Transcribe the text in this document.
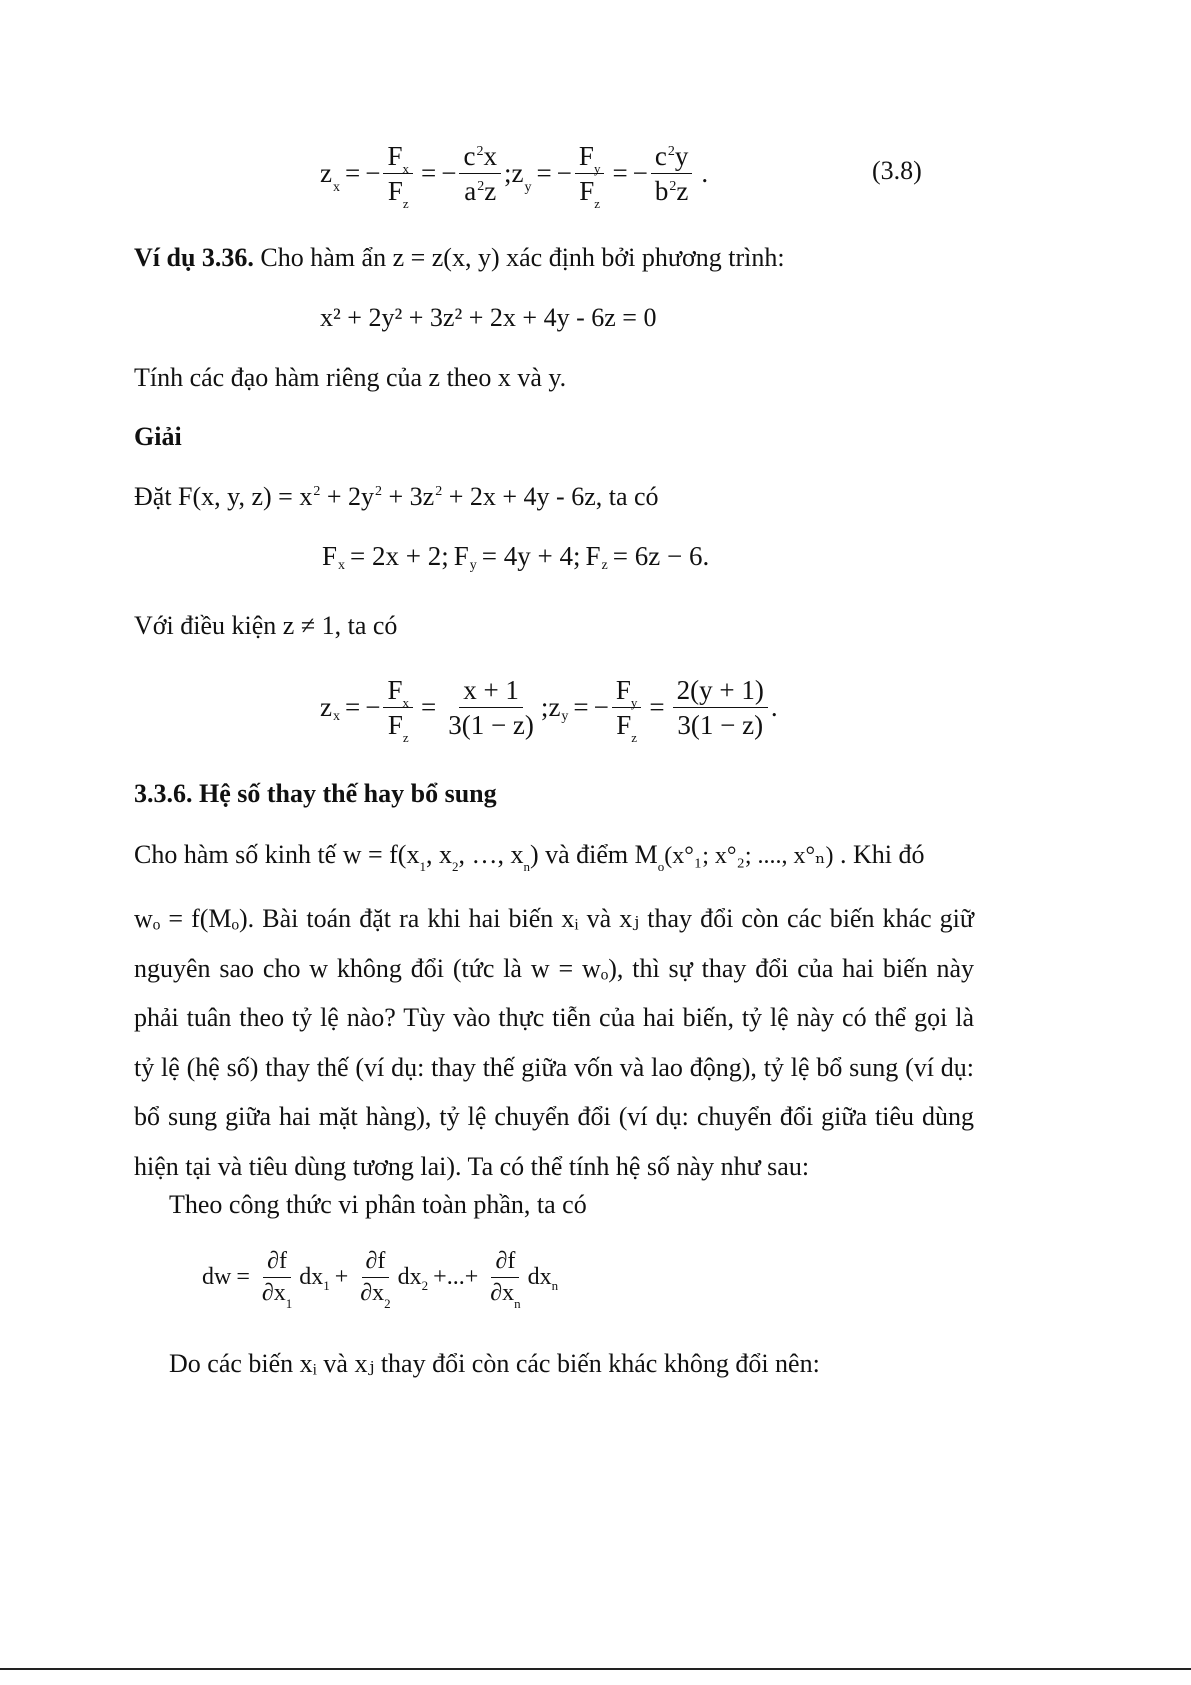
$z_x$ = − $\frac{F_x}{F_z}$ = − $\frac{c^2x}{a^2z}$ ; $z_y$ = − $\frac{F_y}{F_z}$ = − $\frac{c^2y}{b^2z}$ .	(3.8)
Ví dụ 3.36. Cho hàm ẩn z = z(x, y) xác định bởi phương trình:
x² + 2y² + 3z² + 2x + 4y - 6z = 0
Tính các đạo hàm riêng của z theo x và y.
Giải
Đặt F(x, y, $z) = x^2 + 2y^2 + 3z^2 + 2x + 4y - 6z$, ta có
F x = 2x + 2; F y = 4y + 4; F z = 6z − 6.
Với điều kiện z ≠ 1, ta có
z x = − $\frac{F_x}{F_z} = \frac{x + 1}{3(1 - z)}$ ; z y = − $\frac{F_y}{F_z} = \frac{2(y + 1)}{3(1 - z)}$ .
3.3.6. Hệ số thay thế hay bổ sung
Cho hàm số kinh tế $w = f(x_1$, $x_2$, …, $x_n$) và điểm $M_o(x^\circ_1$; x°₂; ...., x°ₙ) . Khi đó
wₒ = f(Mₒ). Bài toán đặt ra khi hai biến xᵢ và xⱼ thay đổi còn các biến khác giữ
nguyên sao cho w không đổi (tức là w = wₒ), thì sự thay đổi của hai biến này
phải tuân theo tỷ lệ nào? Tùy vào thực tiễn của hai biến, tỷ lệ này có thể gọi là
tỷ lệ (hệ số) thay thế (ví dụ: thay thế giữa vốn và lao động), tỷ lệ bổ sung (ví dụ:
bổ sung giữa hai mặt hàng), tỷ lệ chuyển đổi (ví dụ: chuyển đổi giữa tiêu dùng
hiện tại và tiêu dùng tương lai). Ta có thể tính hệ số này như sau:
Theo công thức vi phân toàn phần, ta có
dw = $\frac{\partial f}{\partial x_1}$ dx $1 + \frac{\partial f}{\partial x_2}$ dx 2 +...+ $\frac{\partial f}{\partial x_n}$ dx n
Do các biến xᵢ và xⱼ thay đổi còn các biến khác không đổi nên:
